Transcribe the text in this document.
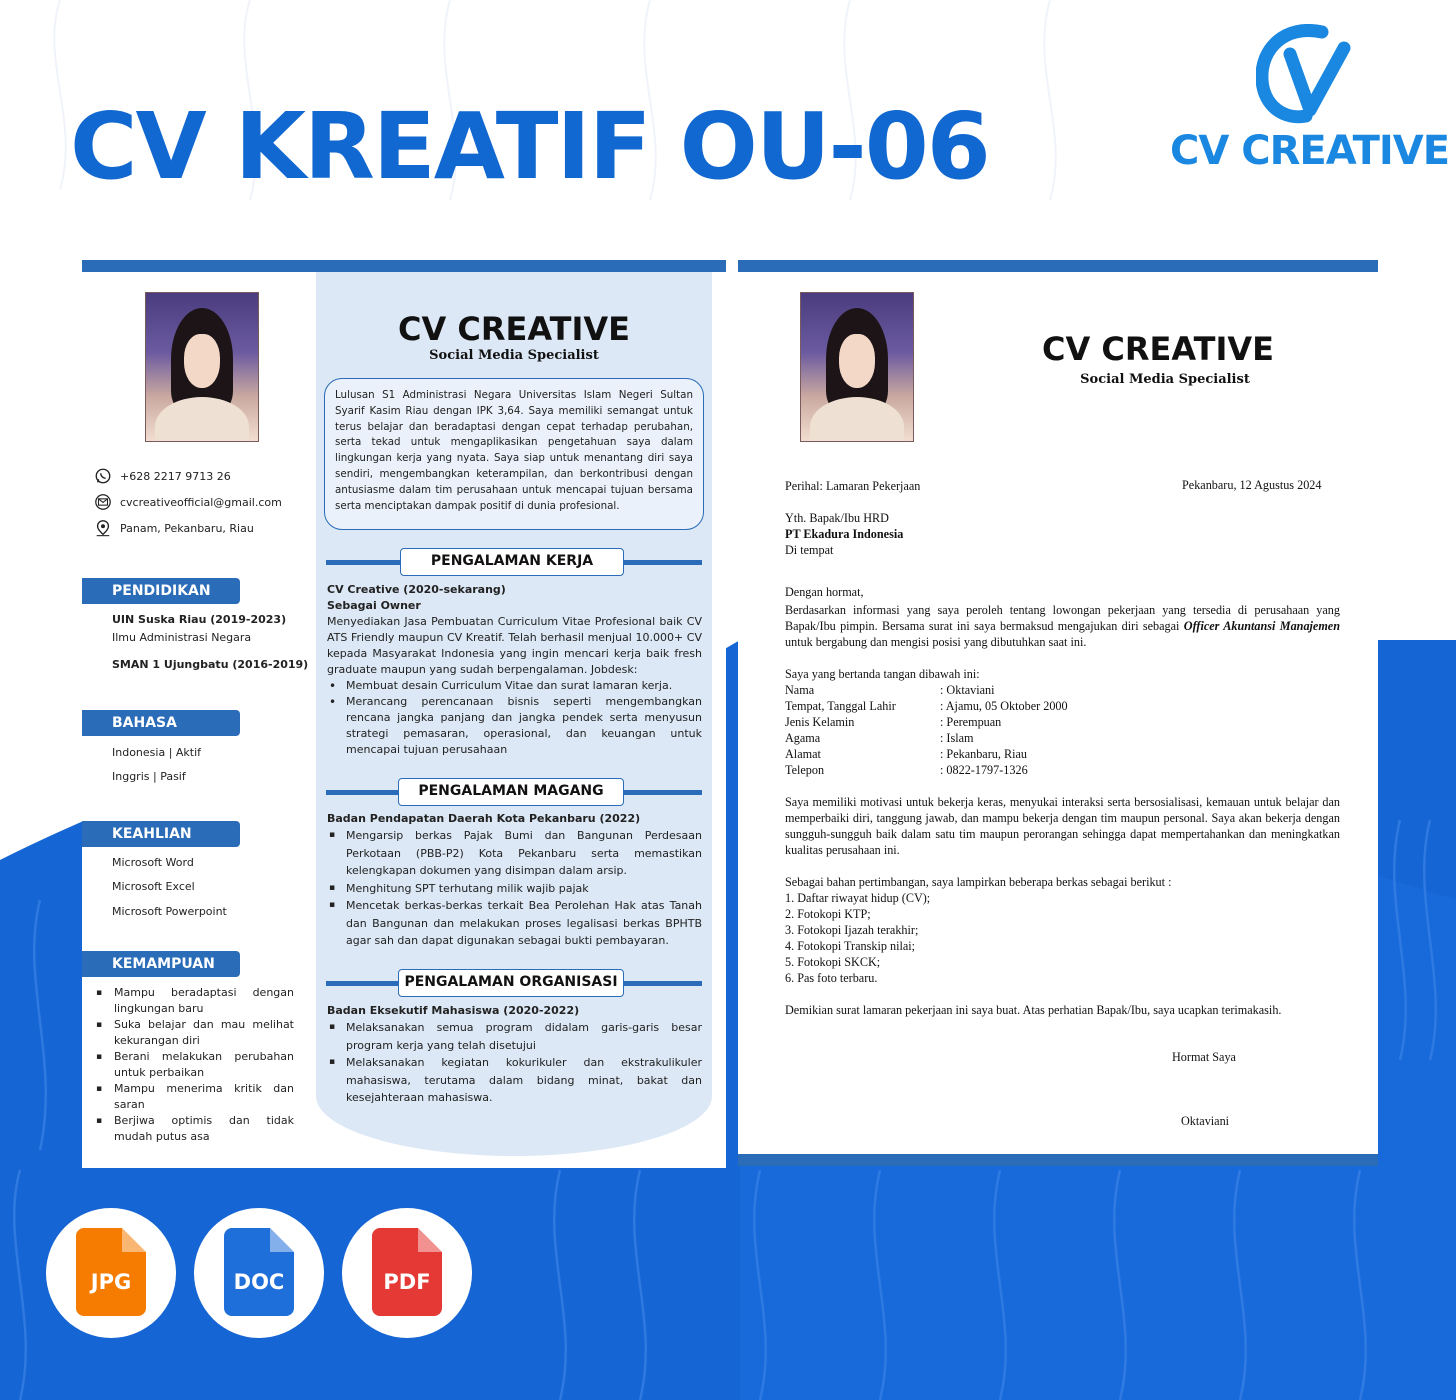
CV KREATIF OU-06	CV CREATIVE
+628 2217 9713 26
cvcreativeofficial@gmail.com
Panam, Pekanbaru, Riau
PENDIDIKAN
UIN Suska Riau (2019-2023)
Ilmu Administrasi Negara
SMAN 1 Ujungbatu (2016-2019)
BAHASA
Indonesia | Aktif
Inggris | Pasif
KEAHLIAN
Microsoft Word
Microsoft Excel
Microsoft Powerpoint
KEMAMPUAN
▪ Mampu beradaptasi dengan lingkungan baru
▪ Suka belajar dan mau melihat kekurangan diri
▪ Berani melakukan perubahan untuk perbaikan
▪ Mampu menerima kritik dan saran
▪ Berjiwa optimis dan tidak mudah putus asa
CV CREATIVE
Social Media Specialist
Lulusan S1 Administrasi Negara Universitas Islam Negeri Sultan Syarif Kasim Riau dengan IPK 3,64. Saya memiliki semangat untuk terus belajar dan beradaptasi dengan cepat terhadap perubahan, serta tekad untuk mengaplikasikan pengetahuan saya dalam lingkungan kerja yang nyata. Saya siap untuk menantang diri saya sendiri, mengembangkan keterampilan, dan berkontribusi dengan antusiasme dalam tim perusahaan untuk mencapai tujuan bersama serta menciptakan dampak positif di dunia profesional.
PENGALAMAN KERJA
CV Creative (2020-sekarang)
Sebagai Owner

Menyediakan Jasa Pembuatan Curriculum Vitae Profesional baik CV ATS Friendly maupun CV Kreatif. Telah berhasil menjual 10.000+ CV kepada Masyarakat Indonesia yang ingin mencari kerja baik fresh graduate maupun yang sudah berpengalaman. Jobdesk:

• Membuat desain Curriculum Vitae dan surat lamaran kerja.
• Merancang perencanaan bisnis seperti mengembangkan rencana jangka panjang dan jangka pendek serta menyusun strategi pemasaran, operasional, dan keuangan untuk mencapai tujuan perusahaan
PENGALAMAN MAGANG
Badan Pendapatan Daerah Kota Pekanbaru (2022)
▪ Mengarsip berkas Pajak Bumi dan Bangunan Perdesaan Perkotaan (PBB-P2) Kota Pekanbaru serta memastikan kelengkapan dokumen yang disimpan dalam arsip.
▪ Menghitung SPT terhutang milik wajib pajak
▪ Mencetak berkas-berkas terkait Bea Perolehan Hak atas Tanah dan Bangunan dan melakukan proses legalisasi berkas BPHTB agar sah dan dapat digunakan sebagai bukti pembayaran.
PENGALAMAN ORGANISASI
Badan Eksekutif Mahasiswa (2020-2022)
▪ Melaksanakan semua program didalam garis-garis besar program kerja yang telah disetujui
▪ Melaksanakan kegiatan kokurikuler dan ekstrakulikuler mahasiswa, terutama dalam bidang minat, bakat dan kesejahteraan mahasiswa.
CV CREATIVE
Social Media Specialist
Perihal: Lamaran Pekerjaan	Pekanbaru, 12 Agustus 2024
Yth. Bapak/Ibu HRD
PT Ekadura Indonesia
Di tempat
Dengan hormat,
Berdasarkan informasi yang saya peroleh tentang lowongan pekerjaan yang tersedia di perusahaan yang Bapak/Ibu pimpin. Bersama surat ini saya bermaksud mengajukan diri sebagai Officer Akuntansi Manajemen untuk bergabung dan mengisi posisi yang dibutuhkan saat ini.
Saya yang bertanda tangan dibawah ini:
Nama	: Oktaviani
Tempat, Tanggal Lahir	: Ajamu, 05 Oktober 2000
Jenis Kelamin	: Perempuan
Agama	: Islam
Alamat	: Pekanbaru, Riau
Telepon	: 0822-1797-1326
Saya memiliki motivasi untuk bekerja keras, menyukai interaksi serta bersosialisasi, kemauan untuk belajar dan memperbaiki diri, tanggung jawab, dan mampu bekerja dengan tim maupun personal. Saya akan bekerja dengan sungguh-sungguh baik dalam satu tim maupun perorangan sehingga dapat mempertahankan dan meningkatkan kualitas perusahaan ini.
Sebagai bahan pertimbangan, saya lampirkan beberapa berkas sebagai berikut :
1. Daftar riwayat hidup (CV);
2. Fotokopi KTP;
3. Fotokopi Ijazah terakhir;
4. Fotokopi Transkip nilai;
5. Fotokopi SKCK;
6. Pas foto terbaru.
Demikian surat lamaran pekerjaan ini saya buat. Atas perhatian Bapak/Ibu, saya ucapkan terimakasih.
Hormat Saya
Oktaviani
JPG	DOC	PDF
